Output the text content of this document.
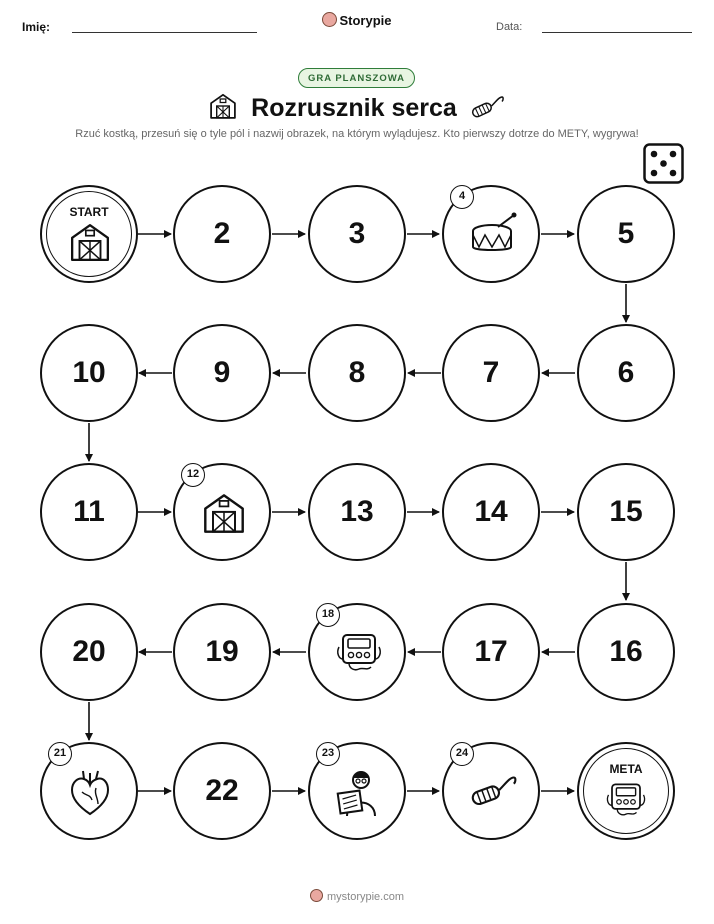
Imię:	Storypie	Data:
GRA PLANSZOWA
Rozrusznik serca
Rzuć kostką, przesuń się o tyle pól i nazwij obrazek, na którym wylądujesz. Kto pierwszy dotrze do METY, wygrywa!
START
2	3
4
5
10	9	8	7	6
11
12
13	14	15
20	19
18
17	16
21
22
23	24
META
mystorypie.com
